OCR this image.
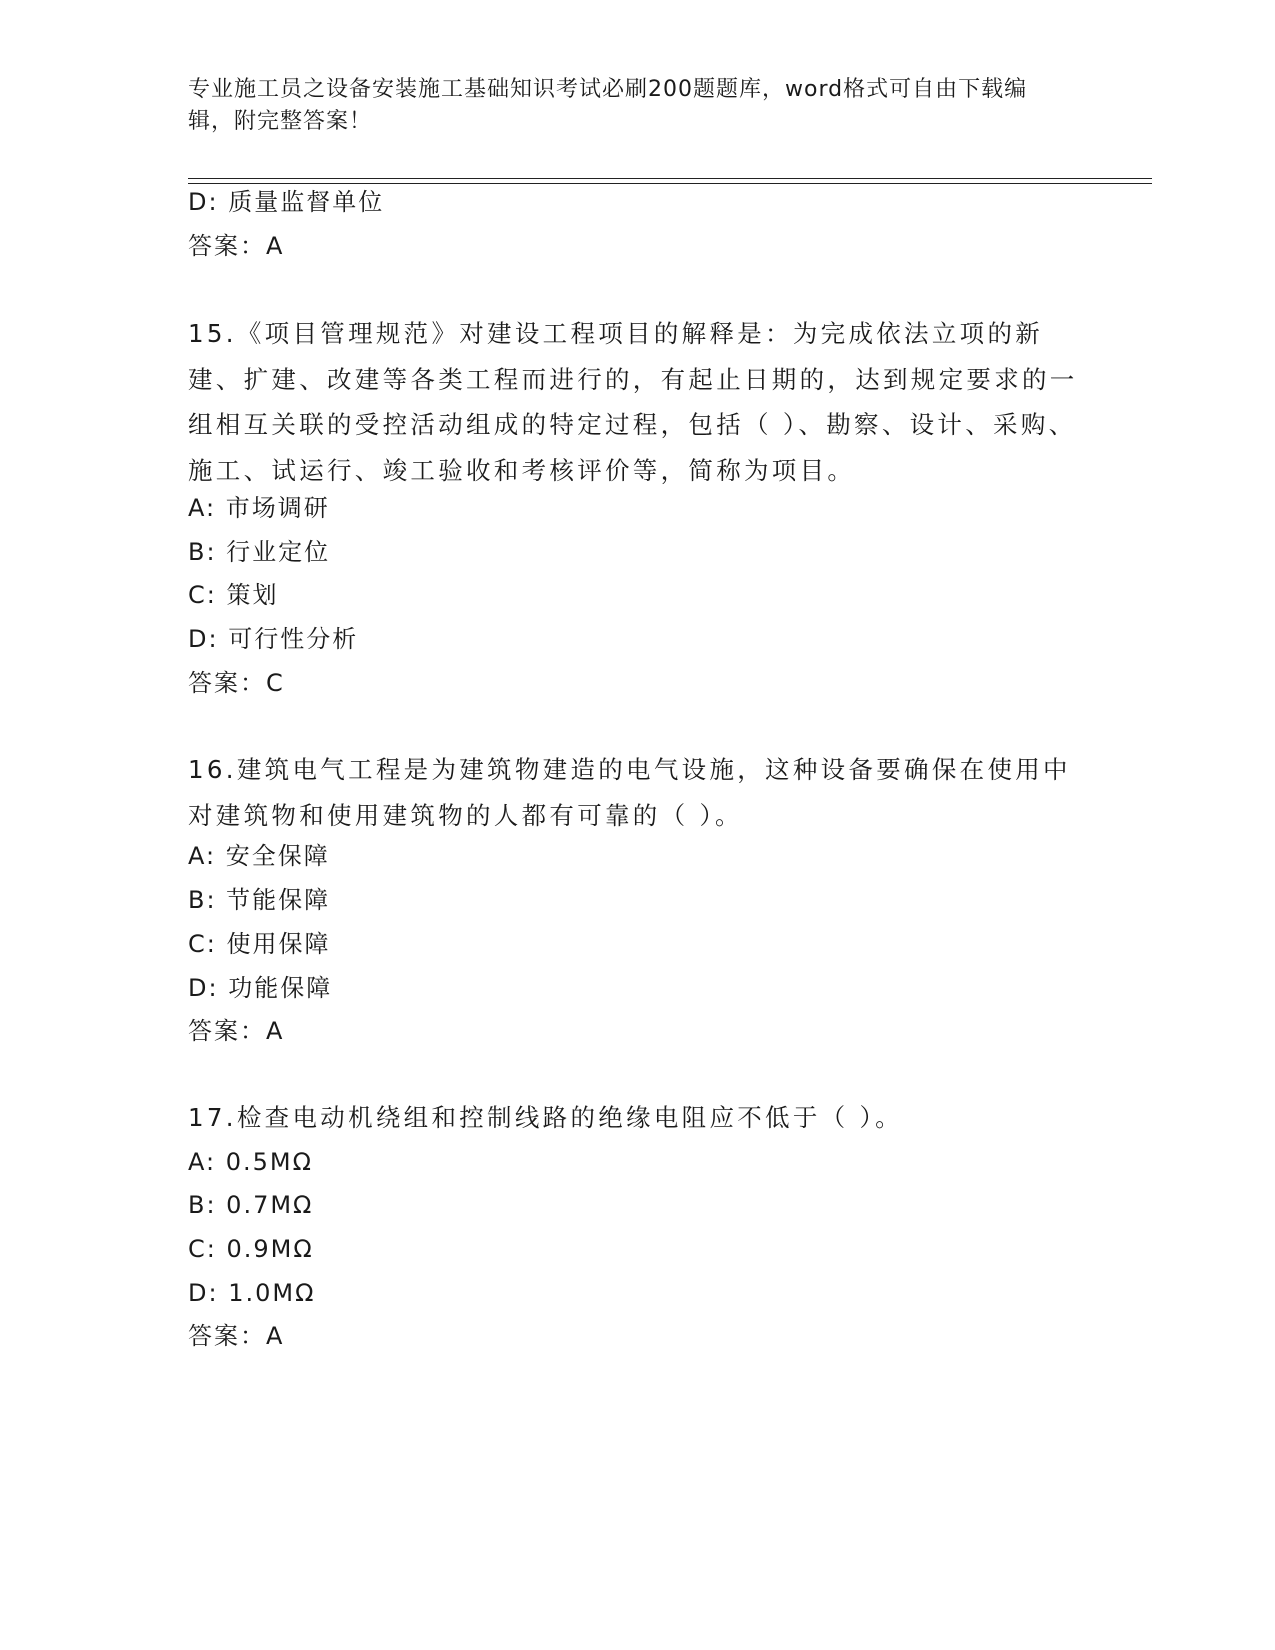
专业施工员之设备安装施工基础知识考试必刷200题题库，word格式可自由下载编辑，附完整答案！
D: 质量监督单位
答案：A
15.《项目管理规范》对建设工程项目的解释是：为完成依法立项的新建、扩建、改建等各类工程而进行的，有起止日期的，达到规定要求的一组相互关联的受控活动组成的特定过程，包括（ ）、勘察、设计、采购、施工、试运行、竣工验收和考核评价等，简称为项目。
A: 市场调研
B: 行业定位
C: 策划
D: 可行性分析
答案：C
16.建筑电气工程是为建筑物建造的电气设施，这种设备要确保在使用中对建筑物和使用建筑物的人都有可靠的（ ）。
A: 安全保障
B: 节能保障
C: 使用保障
D: 功能保障
答案：A
17.检查电动机绕组和控制线路的绝缘电阻应不低于（ ）。
A: 0.5MΩ
B: 0.7MΩ
C: 0.9MΩ
D: 1.0MΩ
答案：A
